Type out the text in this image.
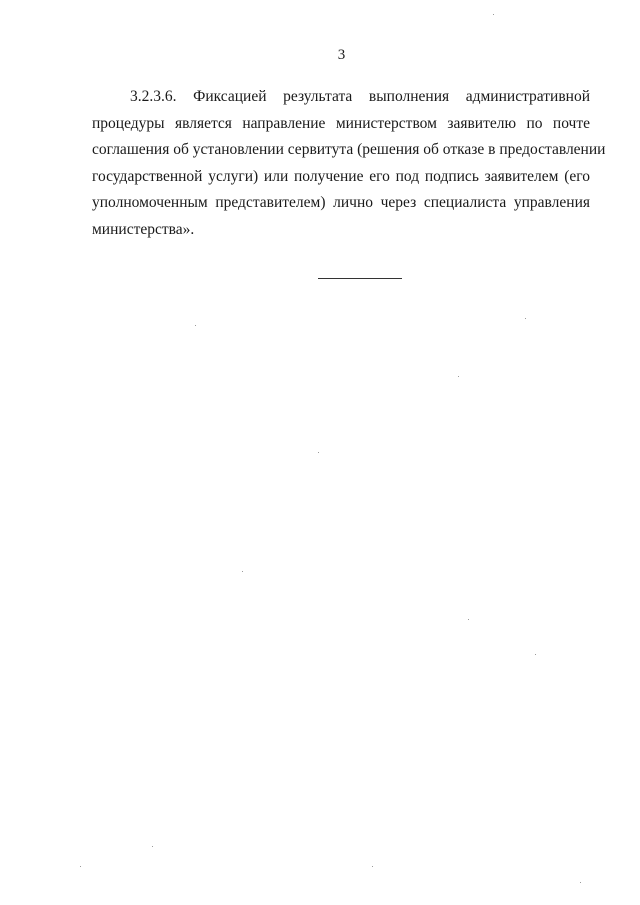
3
3.2.3.6. Фиксацией результата выполнения административной
процедуры является направление министерством заявителю по почте
соглашения об установлении сервитута (решения об отказе в предоставлении
государственной услуги) или получение его под подпись заявителем (его
уполномоченным представителем) лично через специалиста управления
министерства».
